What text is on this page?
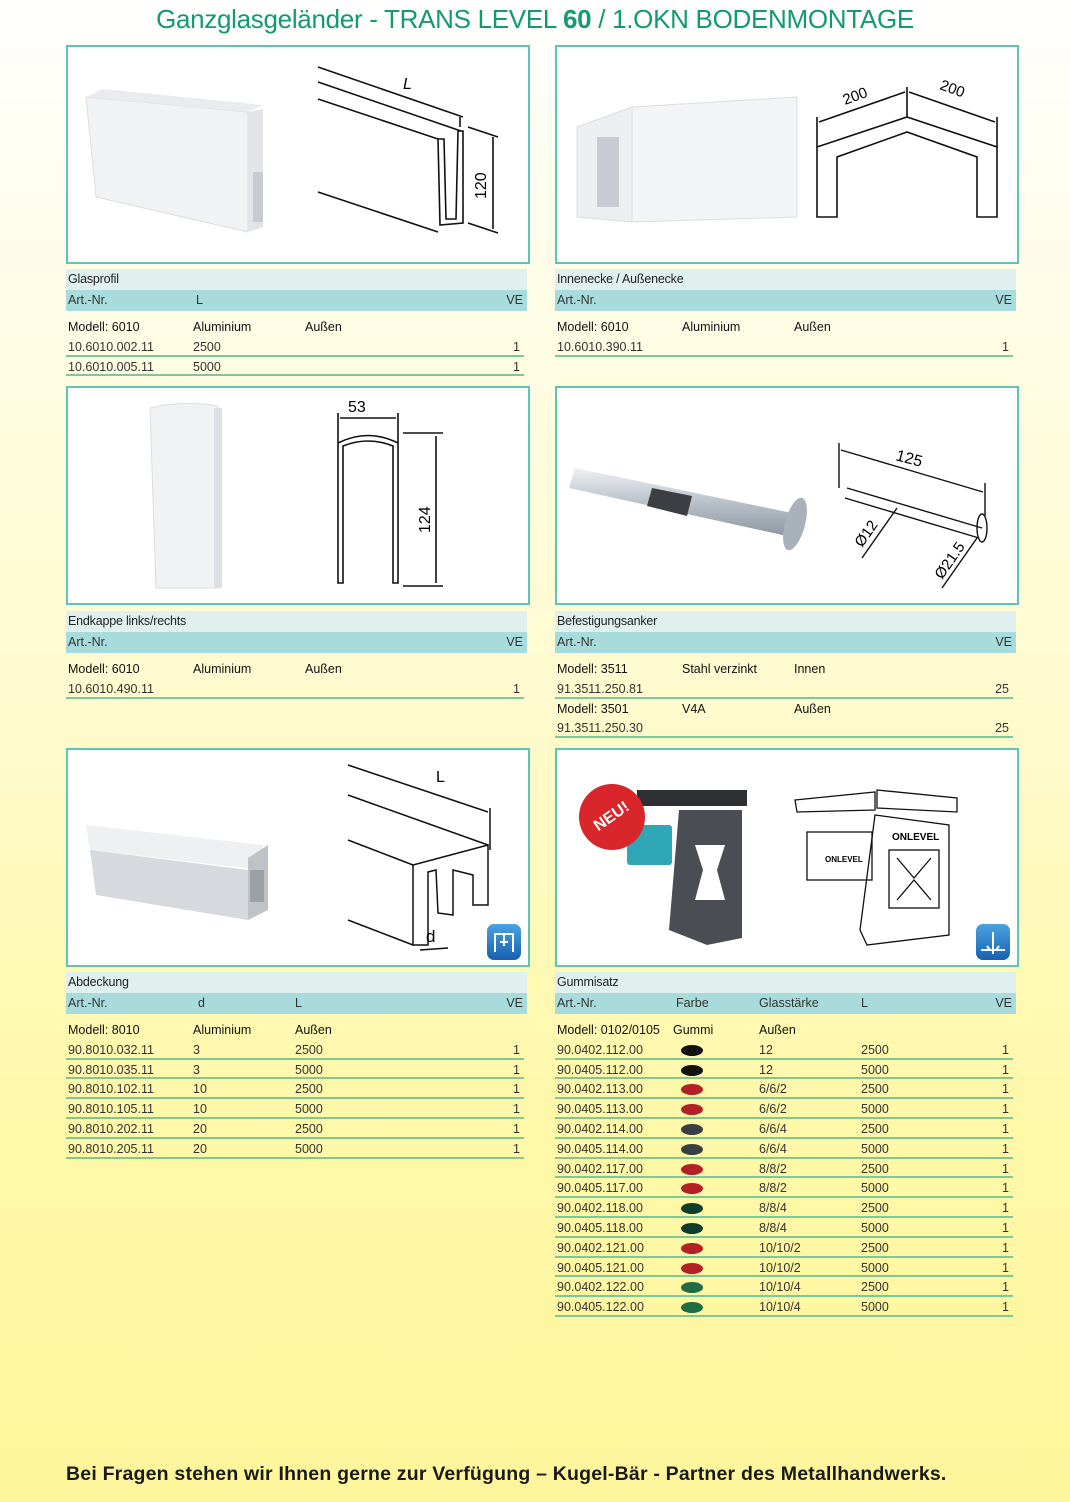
Ganzglasgeländer - TRANS LEVEL 60 / 1.OKN BODENMONTAGE
L
120
200	200
Glasprofil
Art.-Nr.	L	VE
Modell: 6010	Aluminium	Außen
10.6010.002.11	2500	1
10.6010.005.11	5000	1
Innenecke / Außenecke
Art.-Nr.	VE
Modell: 6010	Aluminium	Außen
10.6010.390.11	1
53
124
125
Ø12
Ø21.5
Endkappe links/rechts
Art.-Nr.	VE
Modell: 6010	Aluminium	Außen
10.6010.490.11	1
Befestigungsanker
Art.-Nr.	VE
Modell: 3511	Stahl verzinkt	Innen
91.3511.250.81	25
Modell: 3501	V4A	Außen
91.3511.250.30	25
L
d
ONLEVEL
ONLEVEL
NEU!
Abdeckung
Art.-Nr.	d	L	VE
Modell: 8010	Aluminium	Außen
90.8010.032.11	3	2500	1
90.8010.035.11	3	5000	1
90.8010.102.11	10	2500	1
90.8010.105.11	10	5000	1
90.8010.202.11	20	2500	1
90.8010.205.11	20	5000	1
Gummisatz
Art.-Nr.	Farbe	Glasstärke	L	VE
Modell: 0102/0105 Gummi	Außen
90.0402.112.00	12	2500	1
90.0405.112.00	12	5000	1
90.0402.113.00	6/6/2	2500	1
90.0405.113.00	6/6/2	5000	1
90.0402.114.00	6/6/4	2500	1
90.0405.114.00	6/6/4	5000	1
90.0402.117.00	8/8/2	2500	1
90.0405.117.00	8/8/2	5000	1
90.0402.118.00	8/8/4	2500	1
90.0405.118.00	8/8/4	5000	1
90.0402.121.00	10/10/2	2500	1
90.0405.121.00	10/10/2	5000	1
90.0402.122.00	10/10/4	2500	1
90.0405.122.00	10/10/4	5000	1
Bei Fragen stehen wir Ihnen gerne zur Verfügung – Kugel-Bär - Partner des Metallhandwerks.
